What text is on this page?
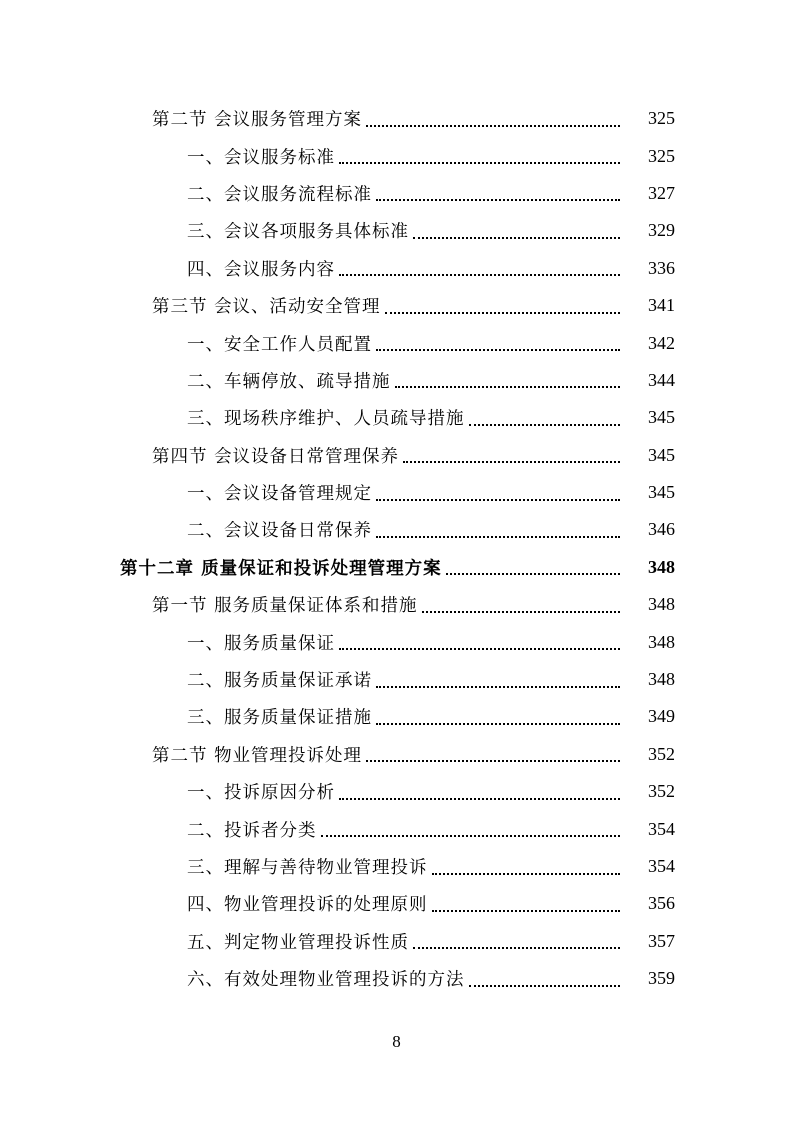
第二节 会议服务管理方案	325
一、会议服务标准	325
二、会议服务流程标准	327
三、会议各项服务具体标准	329
四、会议服务内容	336
第三节 会议、活动安全管理	341
一、安全工作人员配置	342
二、车辆停放、疏导措施	344
三、现场秩序维护、人员疏导措施	345
第四节 会议设备日常管理保养	345
一、会议设备管理规定	345
二、会议设备日常保养	346
第十二章 质量保证和投诉处理管理方案	348
第一节 服务质量保证体系和措施	348
一、服务质量保证	348
二、服务质量保证承诺	348
三、服务质量保证措施	349
第二节 物业管理投诉处理	352
一、投诉原因分析	352
二、投诉者分类	354
三、理解与善待物业管理投诉	354
四、物业管理投诉的处理原则	356
五、判定物业管理投诉性质	357
六、有效处理物业管理投诉的方法	359
8
